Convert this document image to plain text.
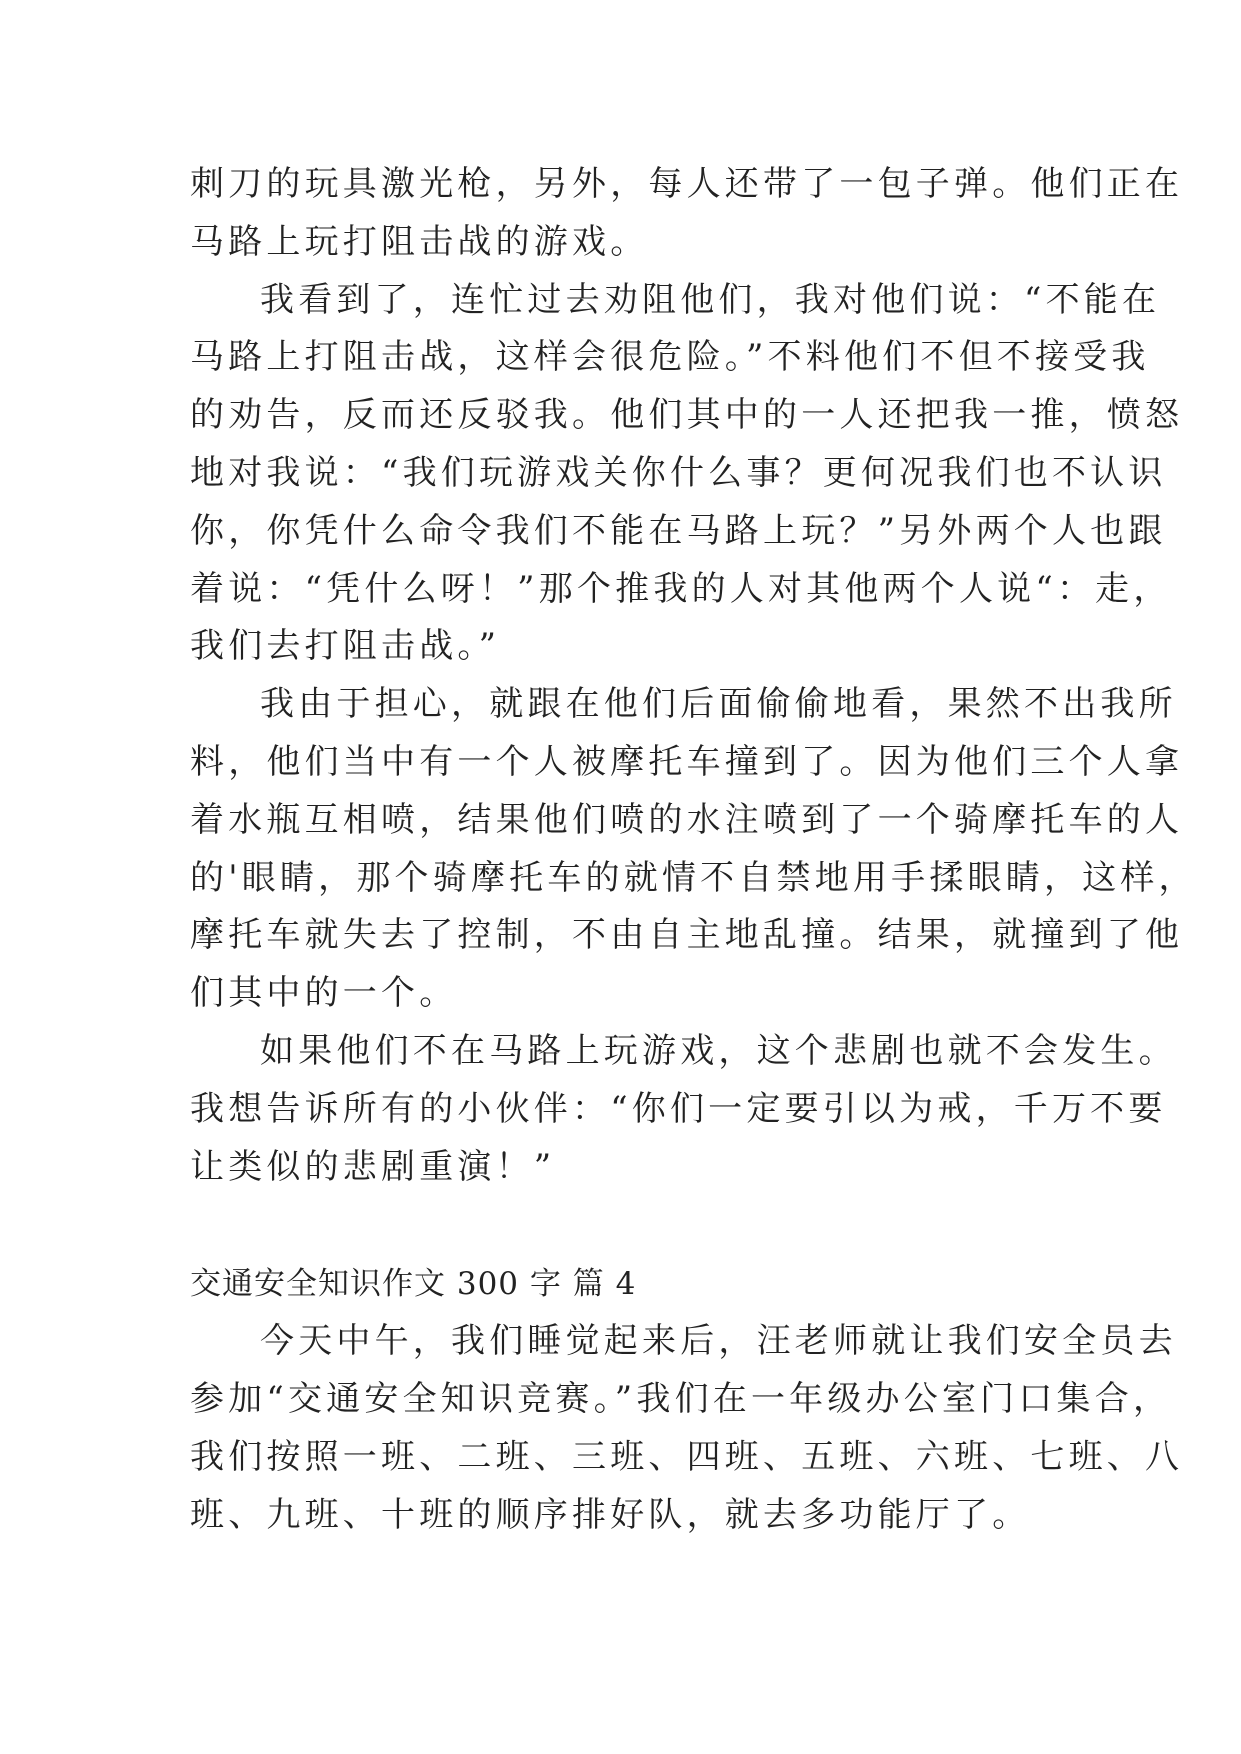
刺刀的玩具激光枪，另外，每人还带了一包子弹。他们正在
马路上玩打阻击战的游戏。
我看到了，连忙过去劝阻他们，我对他们说：“不能在
马路上打阻击战，这样会很危险。”不料他们不但不接受我
的劝告，反而还反驳我。他们其中的一人还把我一推，愤怒
地对我说：“我们玩游戏关你什么事？更何况我们也不认识
你，你凭什么命令我们不能在马路上玩？”另外两个人也跟
着说：“凭什么呀！”那个推我的人对其他两个人说“：走，
我们去打阻击战。”
我由于担心，就跟在他们后面偷偷地看，果然不出我所
料，他们当中有一个人被摩托车撞到了。因为他们三个人拿
着水瓶互相喷，结果他们喷的水注喷到了一个骑摩托车的人
的'眼睛，那个骑摩托车的就情不自禁地用手揉眼睛，这样，
摩托车就失去了控制，不由自主地乱撞。结果，就撞到了他
们其中的一个。
如果他们不在马路上玩游戏，这个悲剧也就不会发生。
我想告诉所有的小伙伴：“你们一定要引以为戒，千万不要
让类似的悲剧重演！”
交通安全知识作文 300 字 篇 4
今天中午，我们睡觉起来后，汪老师就让我们安全员去
参加“交通安全知识竞赛。”我们在一年级办公室门口集合，
我们按照一班、二班、三班、四班、五班、六班、七班、八
班、九班、十班的顺序排好队，就去多功能厅了。
